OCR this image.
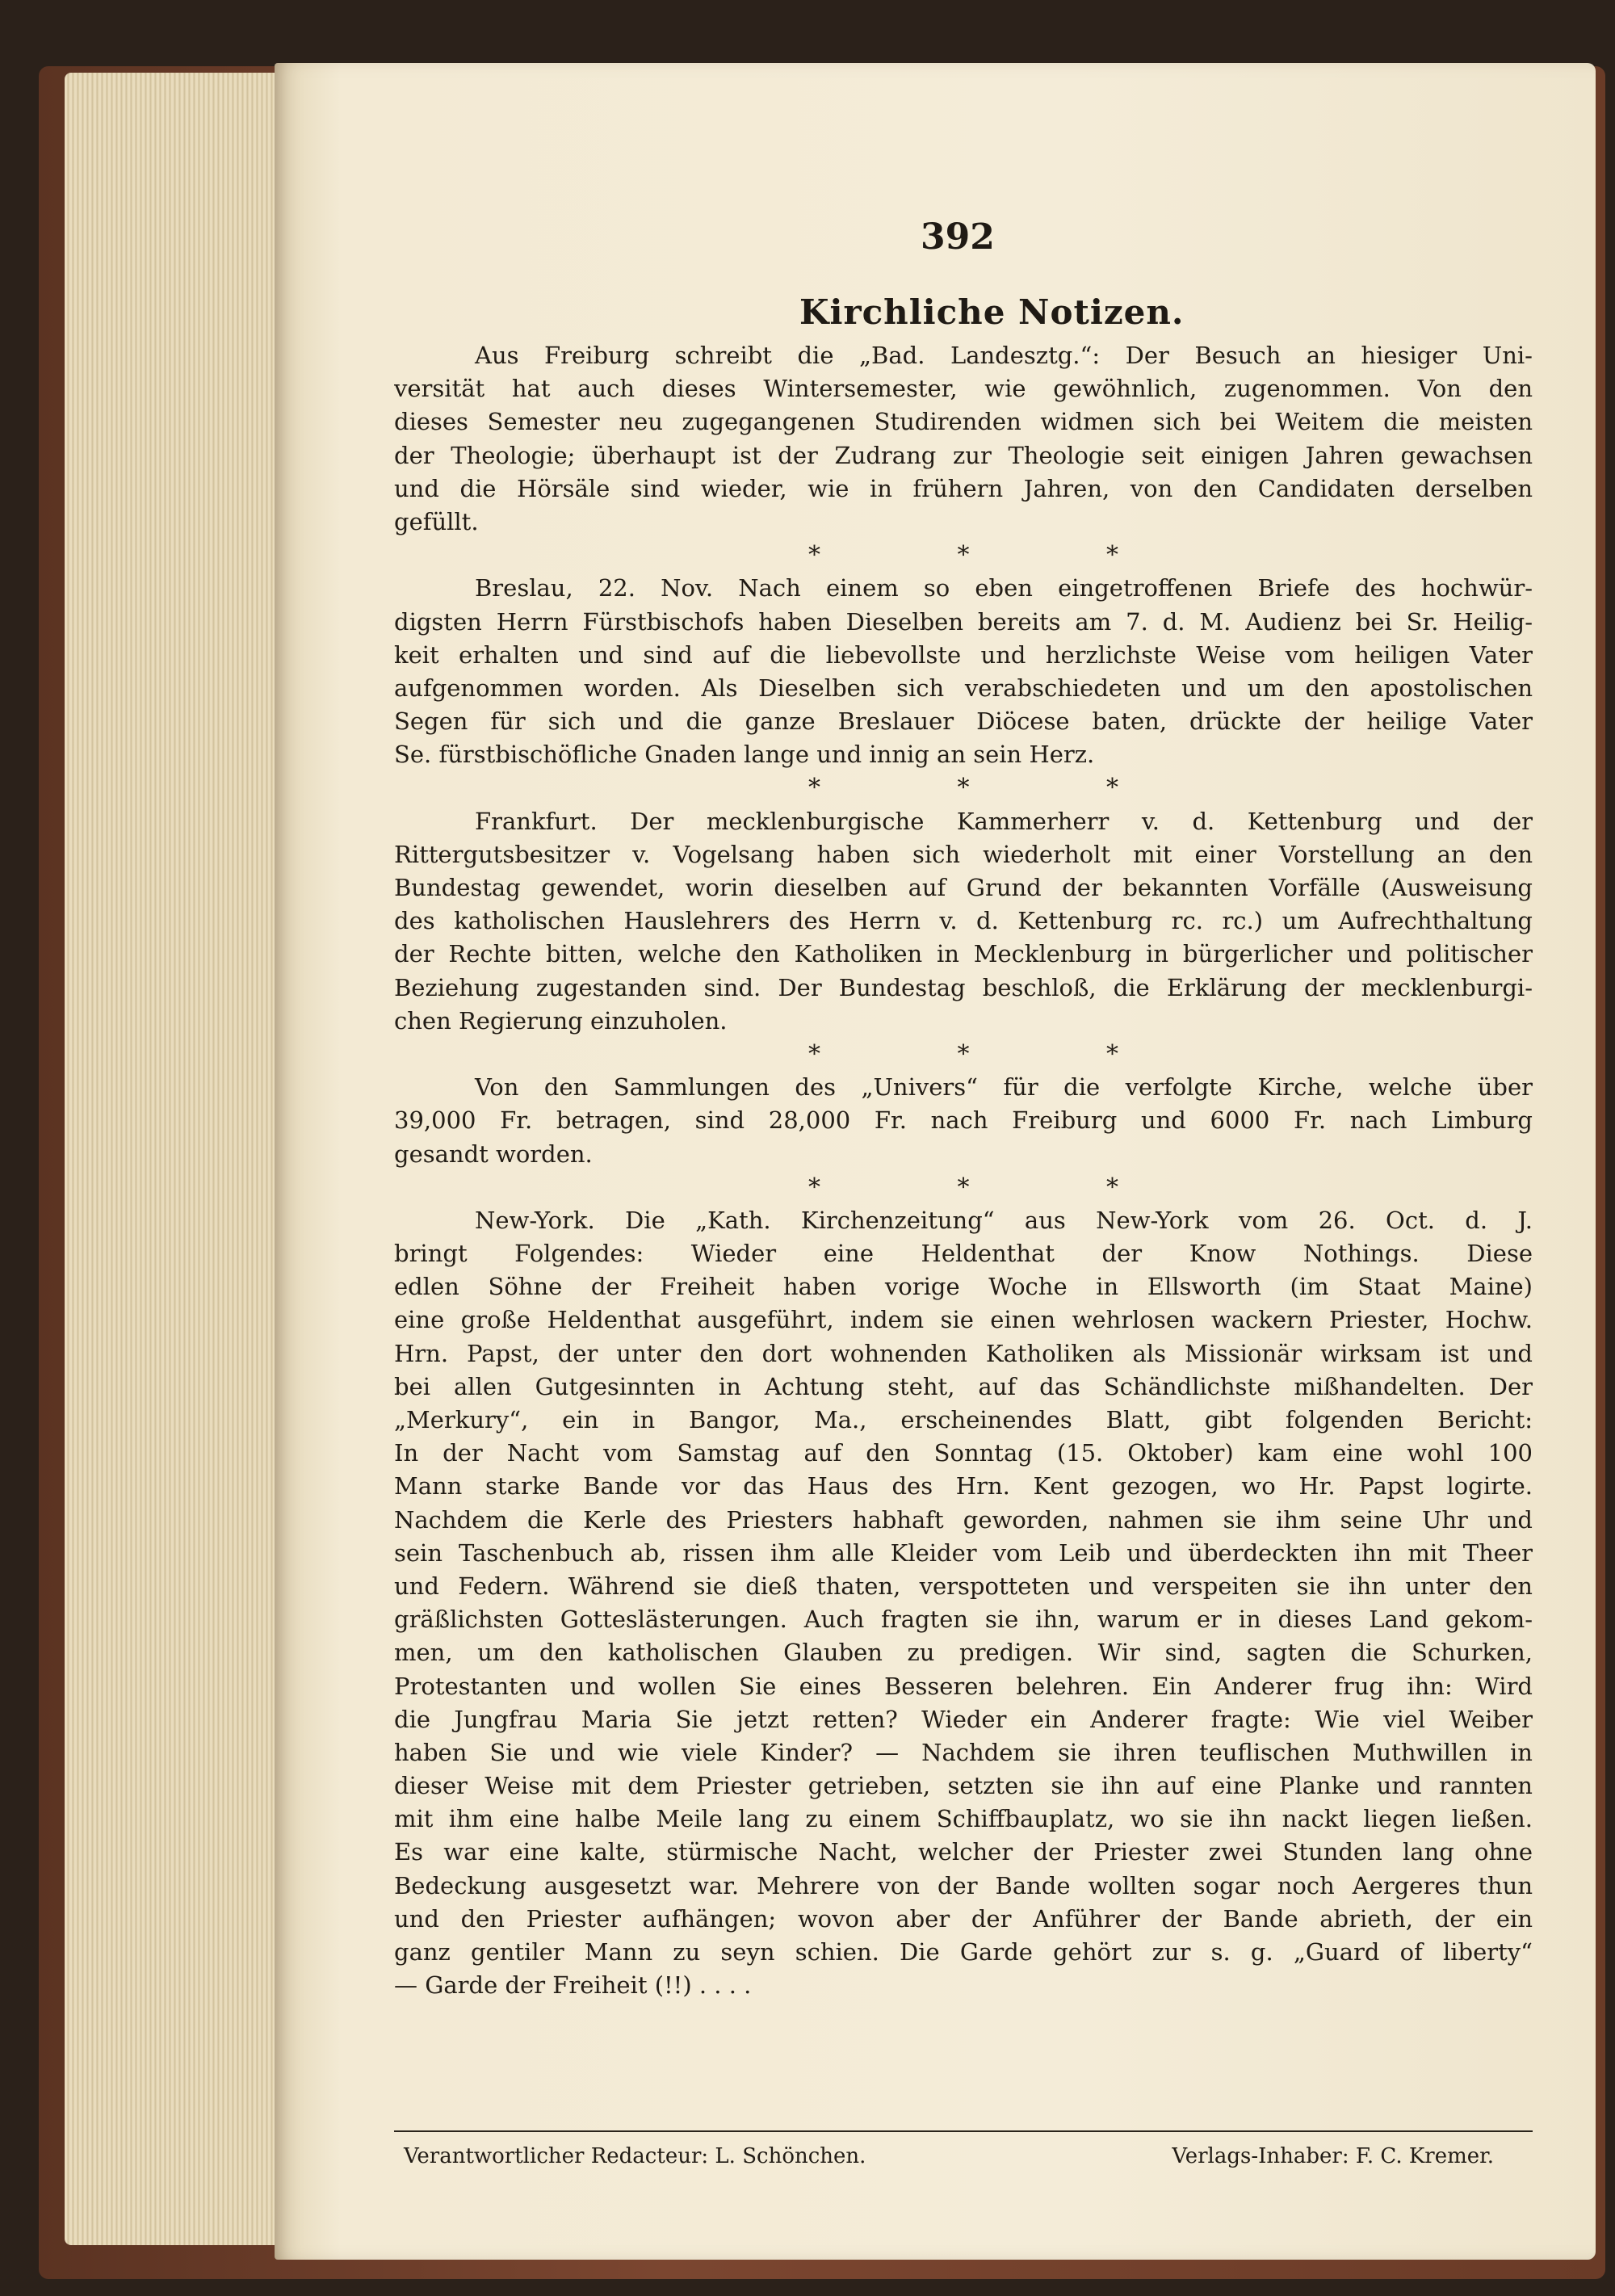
392
Kirchliche Notizen.
Aus Freiburg schreibt die „Bad. Landesztg.“: Der Besuch an hiesiger Uni-
versität hat auch dieses Wintersemester, wie gewöhnlich, zugenommen. Von den
dieses Semester neu zugegangenen Studirenden widmen sich bei Weitem die meisten
der Theologie; überhaupt ist der Zudrang zur Theologie seit einigen Jahren gewachsen
und die Hörsäle sind wieder, wie in frühern Jahren, von den Candidaten derselben
gefüllt.
* * *
Breslau, 22. Nov. Nach einem so eben eingetroffenen Briefe des hochwür-
digsten Herrn Fürstbischofs haben Dieselben bereits am 7. d. M. Audienz bei Sr. Heilig-
keit erhalten und sind auf die liebevollste und herzlichste Weise vom heiligen Vater
aufgenommen worden. Als Dieselben sich verabschiedeten und um den apostolischen
Segen für sich und die ganze Breslauer Diöcese baten, drückte der heilige Vater
Se. fürstbischöfliche Gnaden lange und innig an sein Herz.
* * *
Frankfurt. Der mecklenburgische Kammerherr v. d. Kettenburg und der
Rittergutsbesitzer v. Vogelsang haben sich wiederholt mit einer Vorstellung an den
Bundestag gewendet, worin dieselben auf Grund der bekannten Vorfälle (Ausweisung
des katholischen Hauslehrers des Herrn v. d. Kettenburg rc. rc.) um Aufrechthaltung
der Rechte bitten, welche den Katholiken in Mecklenburg in bürgerlicher und politischer
Beziehung zugestanden sind. Der Bundestag beschloß, die Erklärung der mecklenburgi-
chen Regierung einzuholen.
* * *
Von den Sammlungen des „Univers“ für die verfolgte Kirche, welche über
39,000 Fr. betragen, sind 28,000 Fr. nach Freiburg und 6000 Fr. nach Limburg
gesandt worden.
* * *
New-York. Die „Kath. Kirchenzeitung“ aus New-York vom 26. Oct. d. J.
bringt Folgendes: Wieder eine Heldenthat der Know Nothings. Diese
edlen Söhne der Freiheit haben vorige Woche in Ellsworth (im Staat Maine)
eine große Heldenthat ausgeführt, indem sie einen wehrlosen wackern Priester, Hochw.
Hrn. Papst, der unter den dort wohnenden Katholiken als Missionär wirksam ist und
bei allen Gutgesinnten in Achtung steht, auf das Schändlichste mißhandelten. Der
„Merkury“, ein in Bangor, Ma., erscheinendes Blatt, gibt folgenden Bericht:
In der Nacht vom Samstag auf den Sonntag (15. Oktober) kam eine wohl 100
Mann starke Bande vor das Haus des Hrn. Kent gezogen, wo Hr. Papst logirte.
Nachdem die Kerle des Priesters habhaft geworden, nahmen sie ihm seine Uhr und
sein Taschenbuch ab, rissen ihm alle Kleider vom Leib und überdeckten ihn mit Theer
und Federn. Während sie dieß thaten, verspotteten und verspeiten sie ihn unter den
gräßlichsten Gotteslästerungen. Auch fragten sie ihn, warum er in dieses Land gekom-
men, um den katholischen Glauben zu predigen. Wir sind, sagten die Schurken,
Protestanten und wollen Sie eines Besseren belehren. Ein Anderer frug ihn: Wird
die Jungfrau Maria Sie jetzt retten? Wieder ein Anderer fragte: Wie viel Weiber
haben Sie und wie viele Kinder? — Nachdem sie ihren teuflischen Muthwillen in
dieser Weise mit dem Priester getrieben, setzten sie ihn auf eine Planke und rannten
mit ihm eine halbe Meile lang zu einem Schiffbauplatz, wo sie ihn nackt liegen ließen.
Es war eine kalte, stürmische Nacht, welcher der Priester zwei Stunden lang ohne
Bedeckung ausgesetzt war. Mehrere von der Bande wollten sogar noch Aergeres thun
und den Priester aufhängen; wovon aber der Anführer der Bande abrieth, der ein
ganz gentiler Mann zu seyn schien. Die Garde gehört zur s. g. „Guard of liberty“
— Garde der Freiheit (!!) . . . .
Verantwortlicher Redacteur: L. Schönchen.	Verlags-Inhaber: F. C. Kremer.
